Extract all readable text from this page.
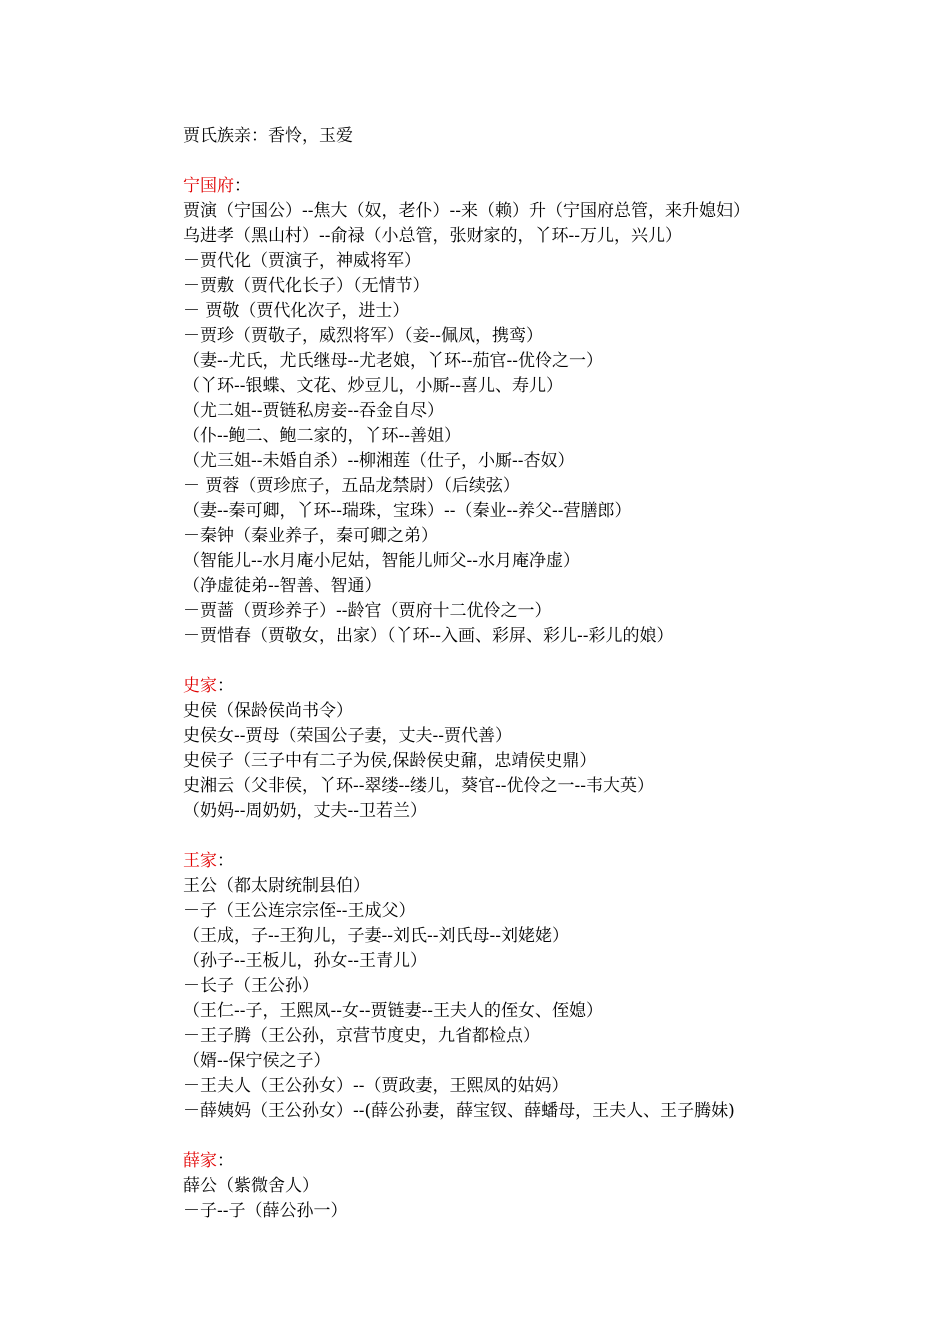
贾氏族亲：香怜，玉爱
宁国府：
贾演（宁国公）--焦大（奴，老仆）--来（赖）升（宁国府总管，来升媳妇）
乌进孝（黑山村）--俞禄（小总管，张财家的，丫环--万儿，兴儿）
－贾代化（贾演子，神威将军）
－贾敷（贾代化长子）（无情节）
－ 贾敬（贾代化次子，进士）
－贾珍（贾敬子，威烈将军）（妾--佩凤，携鸾）
（妻--尤氏，尤氏继母--尤老娘，丫环--茄官--优伶之一）
（丫环--银蝶、文花、炒豆儿，小厮--喜儿、寿儿）
（尤二姐--贾链私房妾--吞金自尽）
（仆--鲍二、鲍二家的，丫环--善姐）
（尤三姐--未婚自杀）--柳湘莲（仕子，小厮--杏奴）
－ 贾蓉（贾珍庶子，五品龙禁尉）（后续弦）
（妻--秦可卿，丫环--瑞珠，宝珠）--（秦业--养父--营膳郎）
－秦钟（秦业养子，秦可卿之弟）
（智能儿--水月庵小尼姑，智能儿师父--水月庵净虚）
（净虚徒弟--智善、智通）
－贾蔷（贾珍养子）--龄官（贾府十二优伶之一）
－贾惜春（贾敬女，出家）（丫环--入画、彩屏、彩儿--彩儿的娘）
史家：
史侯（保龄侯尚书令）
史侯女--贾母（荣国公子妻，丈夫--贾代善）
史侯子（三子中有二子为侯,保龄侯史鼐，忠靖侯史鼎）
史湘云（父非侯，丫环--翠缕--缕儿，葵官--优伶之一--韦大英）
（奶妈--周奶奶，丈夫--卫若兰）
王家：
王公（都太尉统制县伯）
－子（王公连宗宗侄--王成父）
（王成，子--王狗儿，子妻--刘氏--刘氏母--刘姥姥）
（孙子--王板儿，孙女--王青儿）
－长子（王公孙）
（王仁--子，王熙凤--女--贾链妻--王夫人的侄女、侄媳）
－王子腾（王公孙，京营节度史，九省都检点）
（婿--保宁侯之子）
－王夫人（王公孙女）--（贾政妻，王熙凤的姑妈）
－薛姨妈（王公孙女）--(薛公孙妻，薛宝钗、薛蟠母，王夫人、王子腾妹)
薛家：
薛公（紫微舍人）
－子--子（薛公孙一）
